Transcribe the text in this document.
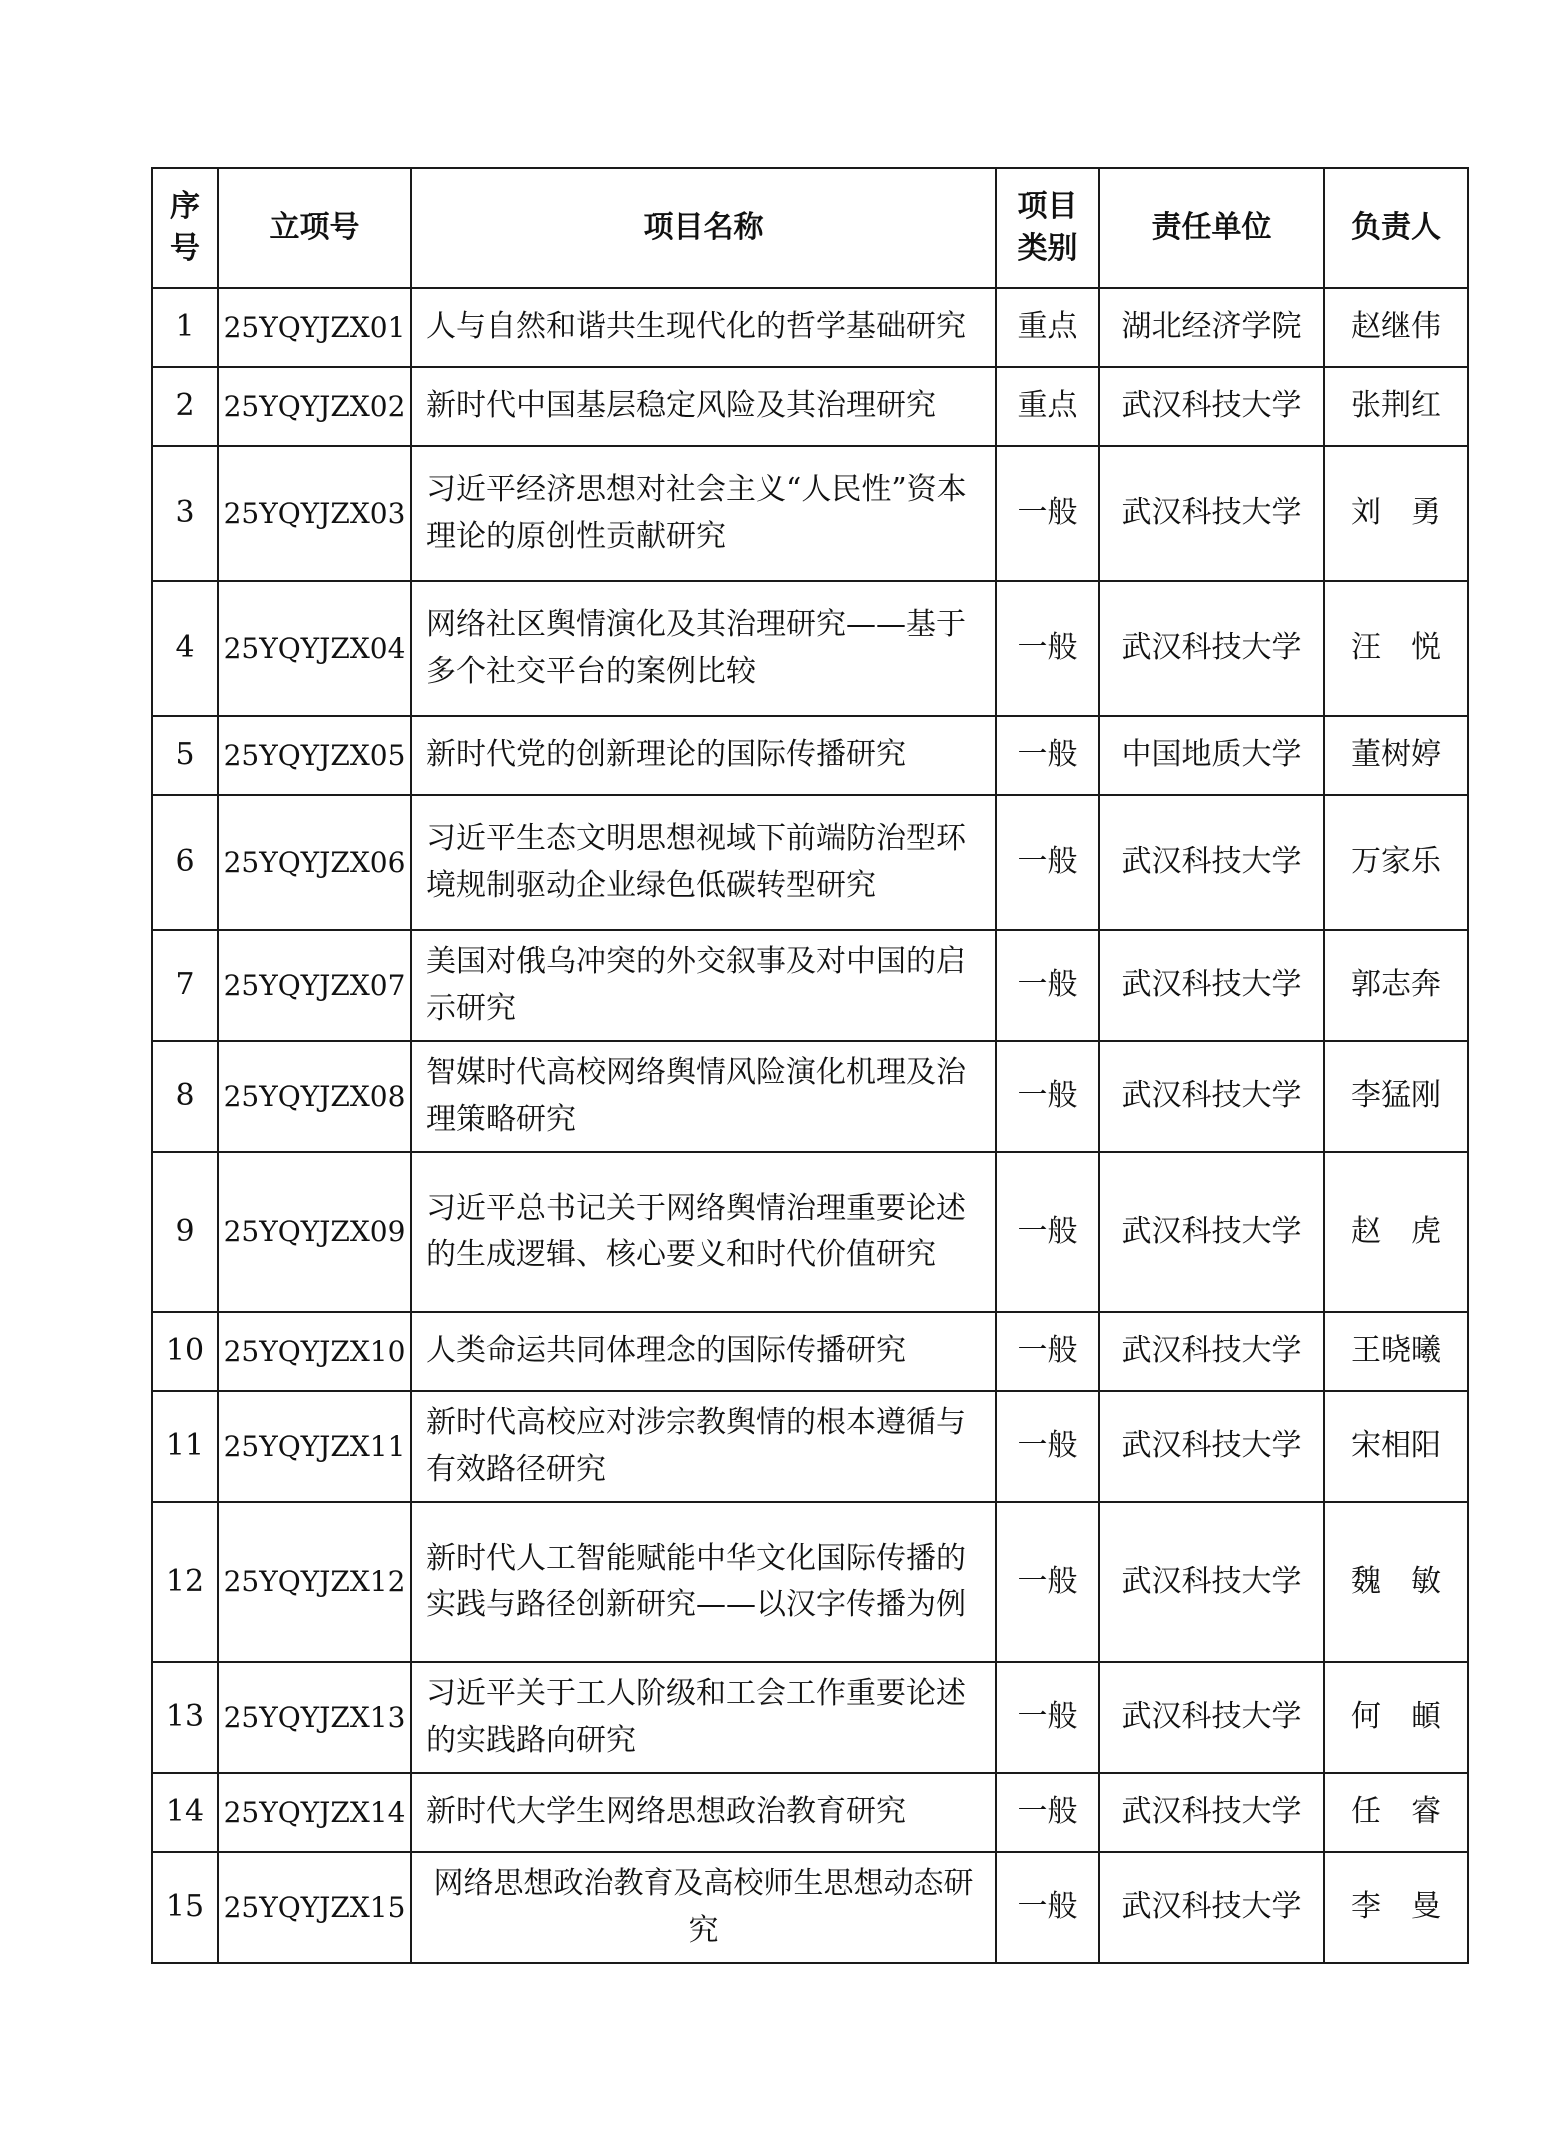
序号	立项号	项目名称	项目类别	责任单位	负责人
1	25YQYJZX01	人与自然和谐共生现代化的哲学基础研究	重点	湖北经济学院	赵继伟
2	25YQYJZX02	新时代中国基层稳定风险及其治理研究	重点	武汉科技大学	张荆红
3	25YQYJZX03	习近平经济思想对社会主义“人民性”资本理论的原创性贡献研究	一般	武汉科技大学	刘　勇
4	25YQYJZX04	网络社区舆情演化及其治理研究——基于多个社交平台的案例比较	一般	武汉科技大学	汪　悦
5	25YQYJZX05	新时代党的创新理论的国际传播研究	一般	中国地质大学	董树婷
6	25YQYJZX06	习近平生态文明思想视域下前端防治型环境规制驱动企业绿色低碳转型研究	一般	武汉科技大学	万家乐
7	25YQYJZX07	美国对俄乌冲突的外交叙事及对中国的启示研究	一般	武汉科技大学	郭志奔
8	25YQYJZX08	智媒时代高校网络舆情风险演化机理及治理策略研究	一般	武汉科技大学	李猛刚
9	25YQYJZX09	习近平总书记关于网络舆情治理重要论述的生成逻辑、核心要义和时代价值研究	一般	武汉科技大学	赵　虎
10	25YQYJZX10	人类命运共同体理念的国际传播研究	一般	武汉科技大学	王晓曦
11	25YQYJZX11	新时代高校应对涉宗教舆情的根本遵循与有效路径研究	一般	武汉科技大学	宋相阳
12	25YQYJZX12	新时代人工智能赋能中华文化国际传播的实践与路径创新研究——以汉字传播为例	一般	武汉科技大学	魏　敏
13	25YQYJZX13	习近平关于工人阶级和工会工作重要论述的实践路向研究	一般	武汉科技大学	何　頔
14	25YQYJZX14	新时代大学生网络思想政治教育研究	一般	武汉科技大学	任　睿
15	25YQYJZX15	网络思想政治教育及高校师生思想动态研究	一般	武汉科技大学	李　曼
